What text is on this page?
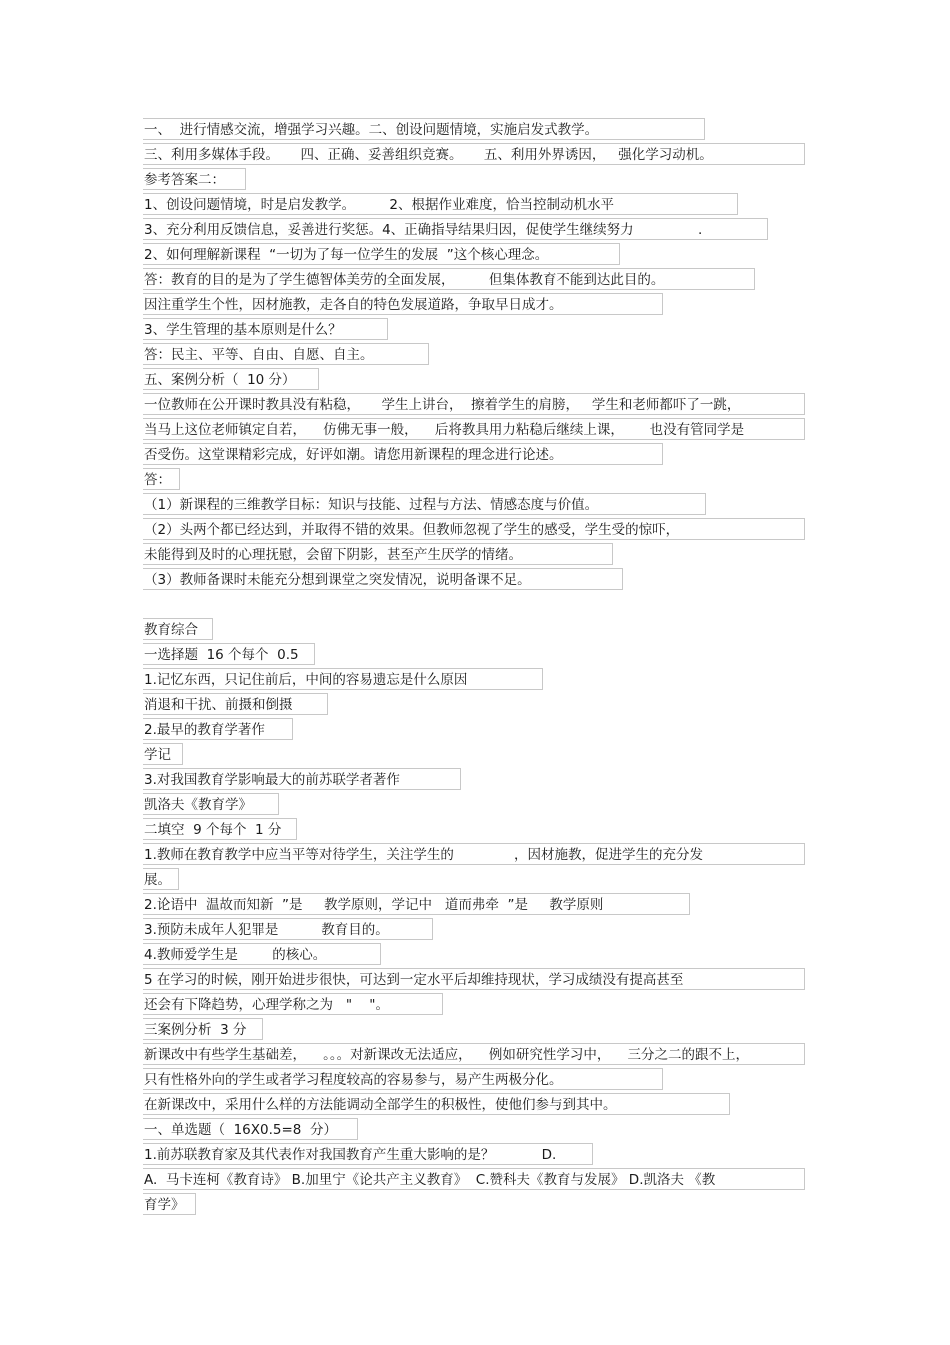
一、  进行情感交流，增强学习兴趣。二、创设问题情境，实施启发式教学。
三、利用多媒体手段。     四、正确、妥善组织竞赛。     五、利用外界诱因，   强化学习动机。
参考答案二：
1、创设问题情境，时是启发教学。        2、根据作业难度，恰当控制动机水平
3、充分利用反馈信息，妥善进行奖惩。4、正确指导结果归因，促使学生继续努力               .
2、如何理解新课程  “一切为了每一位学生的发展  ”这个核心理念。
答：教育的目的是为了学生德智体美劳的全面发展，        但集体教育不能到达此目的。
因注重学生个性，因材施教，走各自的特色发展道路，争取早日成才。
3、学生管理的基本原则是什么？
答：民主、平等、自由、自愿、自主。
五、案例分析（  10 分）
一位教师在公开课时教具没有粘稳，     学生上讲台，  擦着学生的肩膀，   学生和老师都吓了一跳，
当马上这位老师镇定自若，    仿佛无事一般，    后将教具用力粘稳后继续上课，      也没有管同学是
否受伤。这堂课精彩完成，好评如潮。请您用新课程的理念进行论述。
答：
（1）新课程的三维教学目标：知识与技能、过程与方法、情感态度与价值。
（2）头两个都已经达到，并取得不错的效果。但教师忽视了学生的感受，学生受的惊吓，
未能得到及时的心理抚慰，会留下阴影，甚至产生厌学的情绪。
（3）教师备课时未能充分想到课堂之突发情况，说明备课不足。
教育综合
一选择题  16 个每个  0.5
1.记忆东西，只记住前后，中间的容易遗忘是什么原因
消退和干扰、前摄和倒摄
2.最早的教育学著作
学记
3.对我国教育学影响最大的前苏联学者著作
凯洛夫《教育学》
二填空  9 个每个  1 分
1.教师在教育教学中应当平等对待学生，关注学生的              ，因材施教，促进学生的充分发
展。
2.论语中  温故而知新  ”是     教学原则，学记中   道而弗牵  ”是     教学原则
3.预防未成年人犯罪是          教育目的。
4.教师爱学生是        的核心。
5 在学习的时候，刚开始进步很快，可达到一定水平后却维持现状，学习成绩没有提高甚至
还会有下降趋势，心理学称之为   "    "。
三案例分析  3 分
新课改中有些学生基础差，    。。。对新课改无法适应，    例如研究性学习中，    三分之二的跟不上，
只有性格外向的学生或者学习程度较高的容易参与，易产生两极分化。
在新课改中，采用什么样的方法能调动全部学生的积极性，使他们参与到其中。
一、单选题（  16X0.5=8  分）
1.前苏联教育家及其代表作对我国教育产生重大影响的是？           D.
A.  马卡连柯《教育诗》 B.加里宁《论共产主义教育》  C.赞科夫《教育与发展》 D.凯洛夫 《教
育学》
